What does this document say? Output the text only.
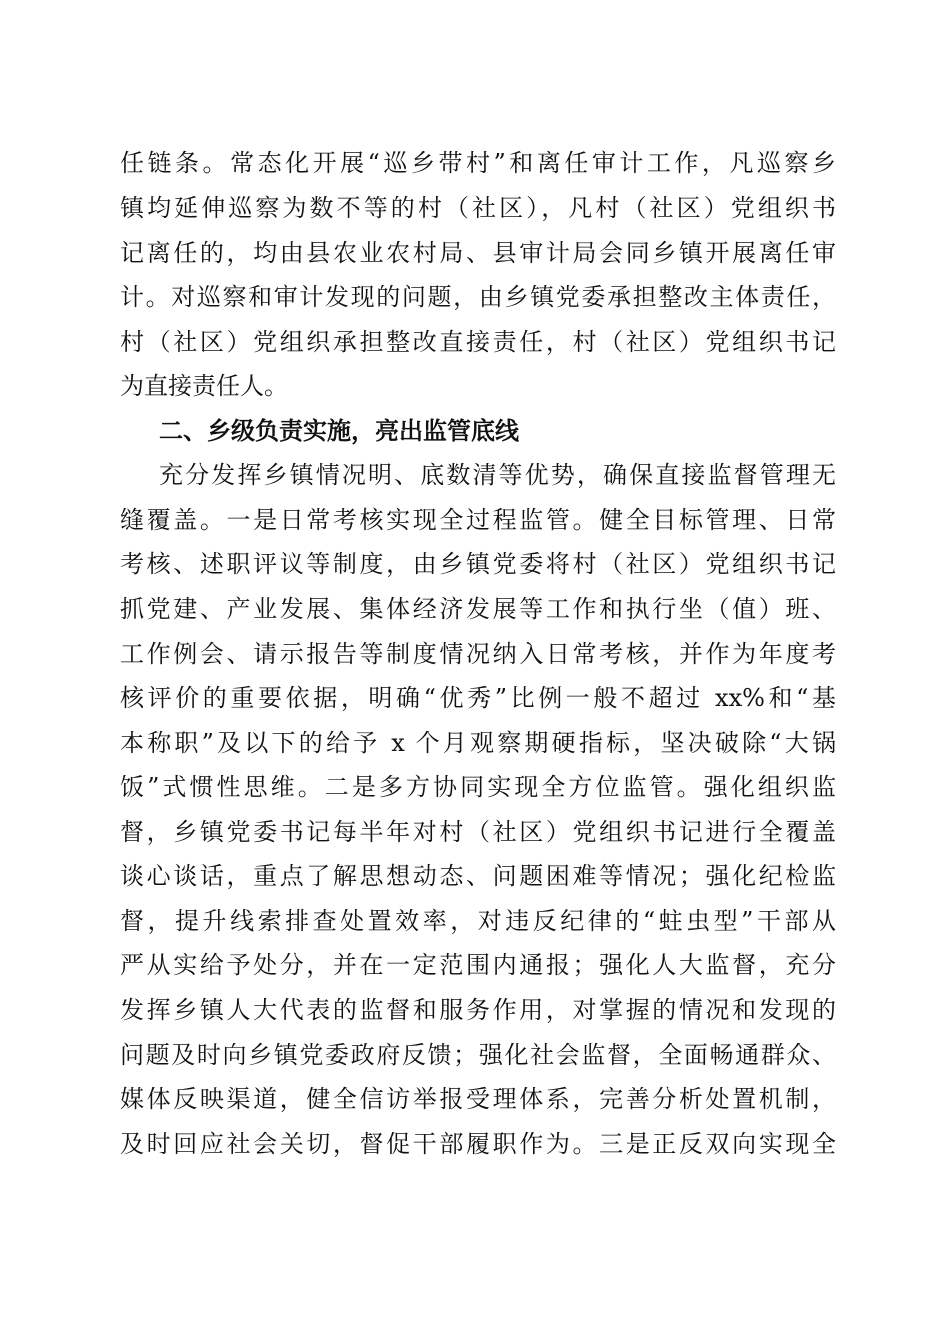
任链条。常态化开展“巡乡带村”和离任审计工作，凡巡察乡
镇均延伸巡察为数不等的村（社区），凡村（社区）党组织书
记离任的，均由县农业农村局、县审计局会同乡镇开展离任审
计。对巡察和审计发现的问题，由乡镇党委承担整改主体责任，
村（社区）党组织承担整改直接责任，村（社区）党组织书记
为直接责任人。
二、乡级负责实施，亮出监管底线
充分发挥乡镇情况明、底数清等优势，确保直接监督管理无
缝覆盖。一是日常考核实现全过程监管。健全目标管理、日常
考核、述职评议等制度，由乡镇党委将村（社区）党组织书记
抓党建、产业发展、集体经济发展等工作和执行坐（值）班、
工作例会、请示报告等制度情况纳入日常考核，并作为年度考
核评价的重要依据，明确“优秀”比例一般不超过 xx%和“基
本称职”及以下的给予 x 个月观察期硬指标，坚决破除“大锅
饭”式惯性思维。二是多方协同实现全方位监管。强化组织监
督，乡镇党委书记每半年对村（社区）党组织书记进行全覆盖
谈心谈话，重点了解思想动态、问题困难等情况；强化纪检监
督，提升线索排查处置效率，对违反纪律的“蛀虫型”干部从
严从实给予处分，并在一定范围内通报；强化人大监督，充分
发挥乡镇人大代表的监督和服务作用，对掌握的情况和发现的
问题及时向乡镇党委政府反馈；强化社会监督，全面畅通群众、
媒体反映渠道，健全信访举报受理体系，完善分析处置机制，
及时回应社会关切，督促干部履职作为。三是正反双向实现全
